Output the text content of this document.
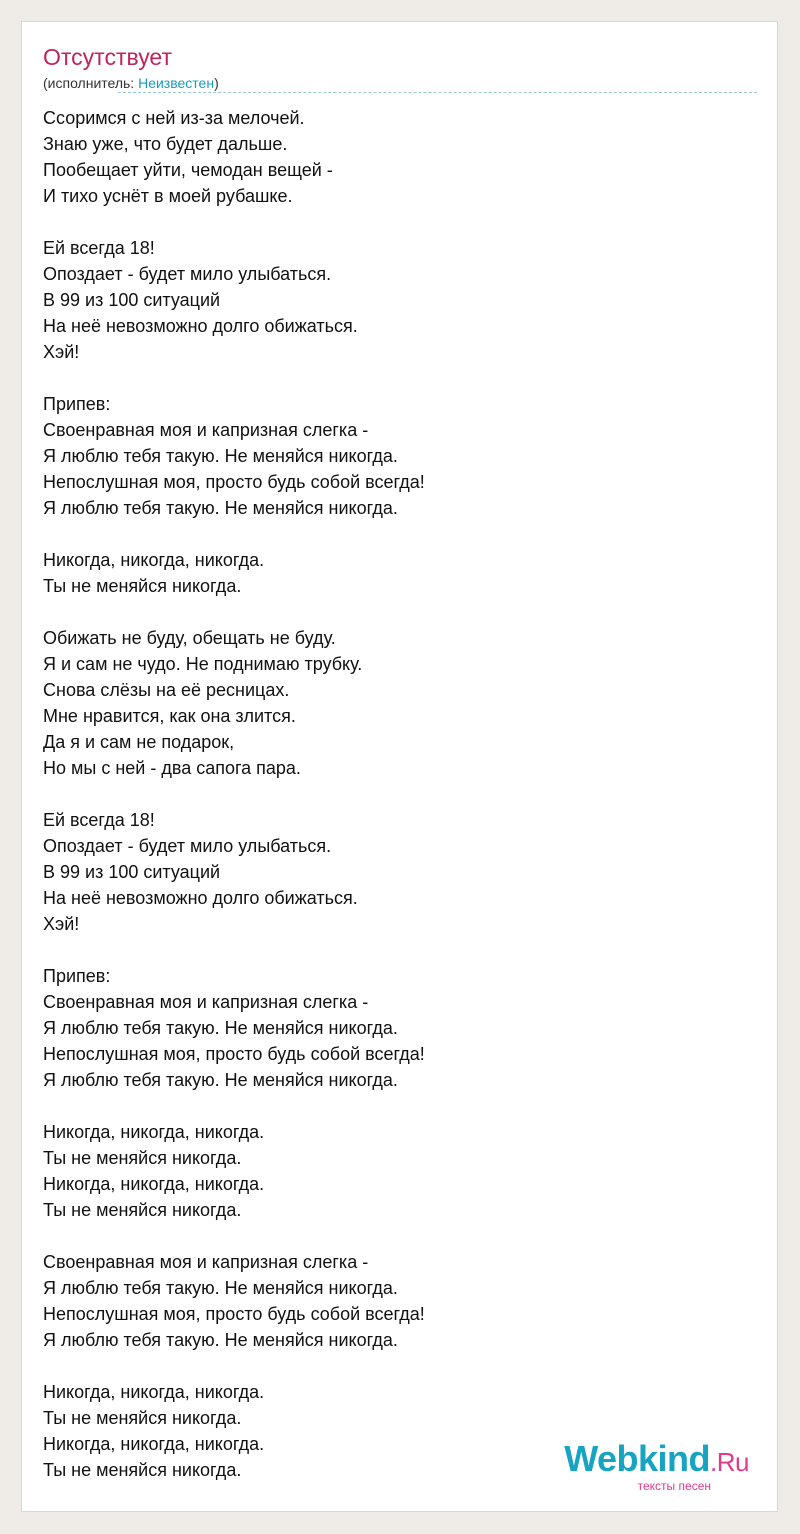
Отсутствует
(исполнитель: Неизвестен)
Ссоримся с ней из-за мелочей.
Знаю уже, что будет дальше.
Пообещает уйти, чемодан вещей -
И тихо уснёт в моей рубашке.

Ей всегда 18!
Опоздает - будет мило улыбаться.
В 99 из 100 ситуаций
На неё невозможно долго обижаться.
Хэй!

Припев:
Своенравная моя и капризная слегка -
Я люблю тебя такую. Не меняйся никогда.
Непослушная моя, просто будь собой всегда!
Я люблю тебя такую. Не меняйся никогда.

Никогда, никогда, никогда.
Ты не меняйся никогда.

Обижать не буду, обещать не буду.
Я и сам не чудо. Не поднимаю трубку.
Снова слёзы на её ресницах.
Мне нравится, как она злится.
Да я и сам не подарок,
Но мы с ней - два сапога пара.

Ей всегда 18!
Опоздает - будет мило улыбаться.
В 99 из 100 ситуаций
На неё невозможно долго обижаться.
Хэй!

Припев:
Своенравная моя и капризная слегка -
Я люблю тебя такую. Не меняйся никогда.
Непослушная моя, просто будь собой всегда!
Я люблю тебя такую. Не меняйся никогда.

Никогда, никогда, никогда.
Ты не меняйся никогда.
Никогда, никогда, никогда.
Ты не меняйся никогда.

Своенравная моя и капризная слегка -
Я люблю тебя такую. Не меняйся никогда.
Непослушная моя, просто будь собой всегда!
Я люблю тебя такую. Не меняйся никогда.

Никогда, никогда, никогда.
Ты не меняйся никогда.
Никогда, никогда, никогда.
Ты не меняйся никогда.	Webkind.Ru
тексты песен
